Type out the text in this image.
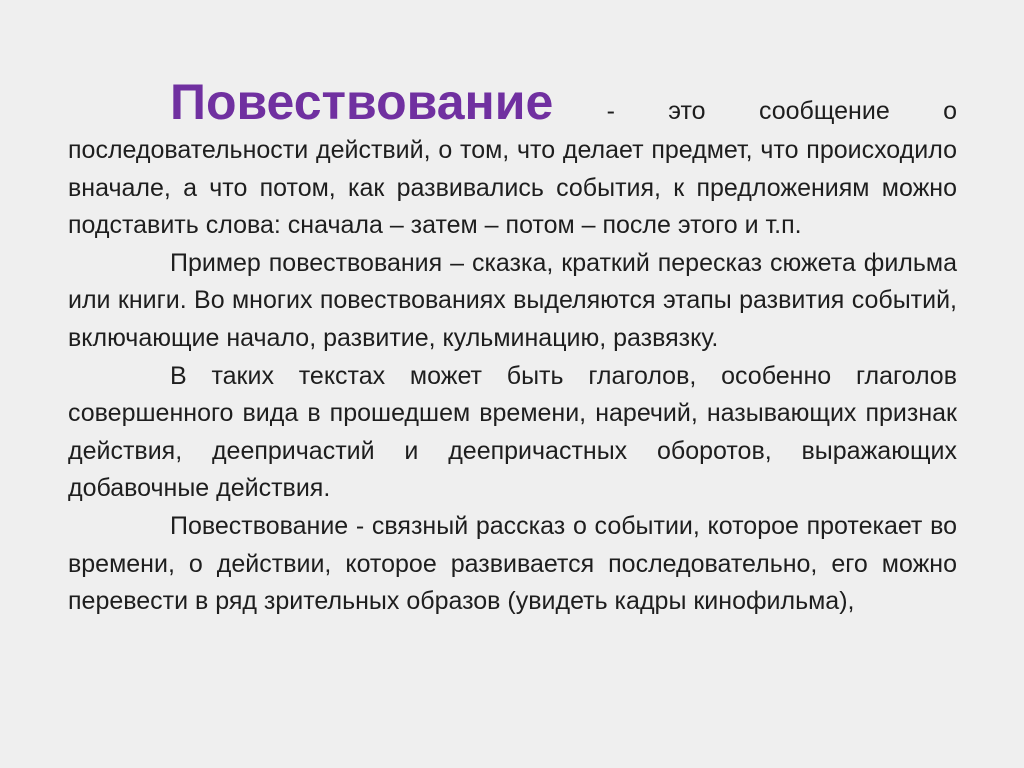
Повествование - это сообщение о

последовательности действий, о том, что делает предмет, что происходило вначале, а что потом, как развивались события, к предложениям можно подставить слова: сначала – затем – потом – после этого и т.п.

Пример повествования – сказка, краткий пересказ сюжета фильма или книги. Во многих повествованиях выделяются этапы развития событий, включающие начало, развитие, кульминацию, развязку.

В таких текстах может быть глаголов, особенно глаголов совершенного вида в прошедшем времени, наречий, называющих признак действия, деепричастий и деепричастных оборотов, выражающих добавочные действия.

Повествование - связный рассказ о событии, которое протекает во времени, о действии, которое развивается последовательно, его можно перевести в ряд зрительных образов (увидеть кадры кинофильма),
